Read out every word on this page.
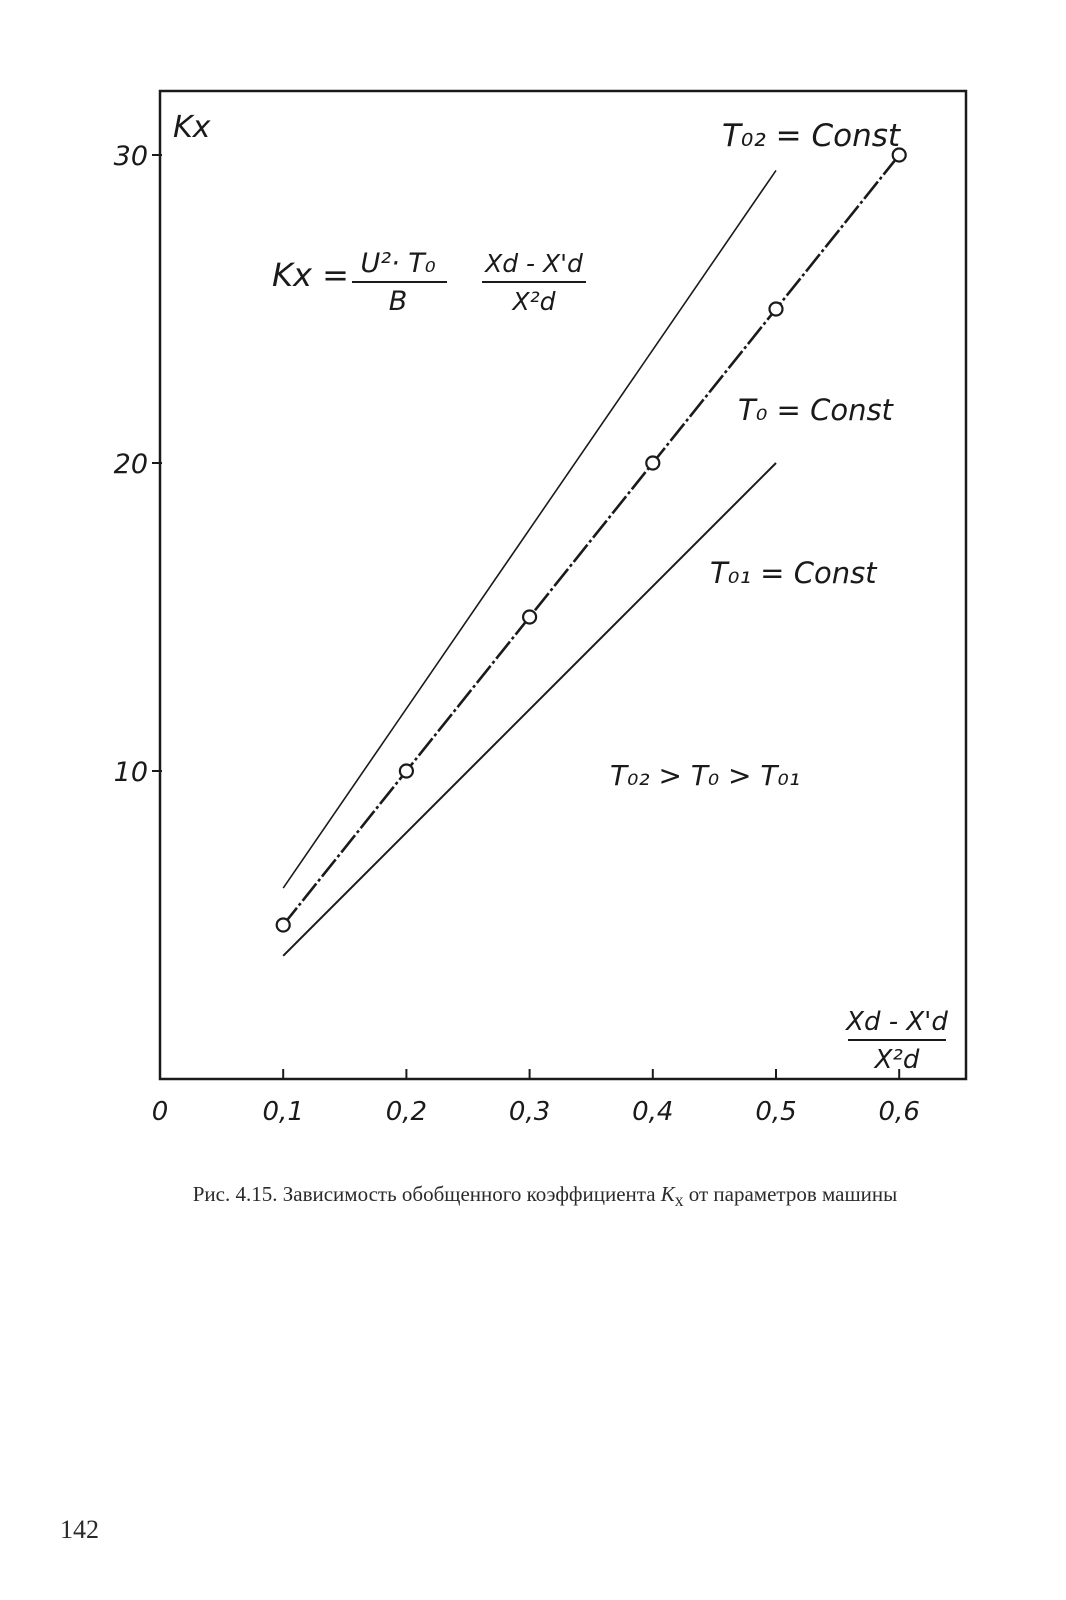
0	0,1	0,2	0,3	0,4	0,5	0,6
10
20
30
Kx
Xd - X'd
X²d
Kx = U²· T₀
B
Xd - X'd
X²d
T₀₂ = Const
T₀ = Const
T₀₁ = Const
T₀₂ > T₀ > T₀₁
Рис. 4.15. Зависимость обобщенного коэффициента $K_x$ от параметров машины
142
